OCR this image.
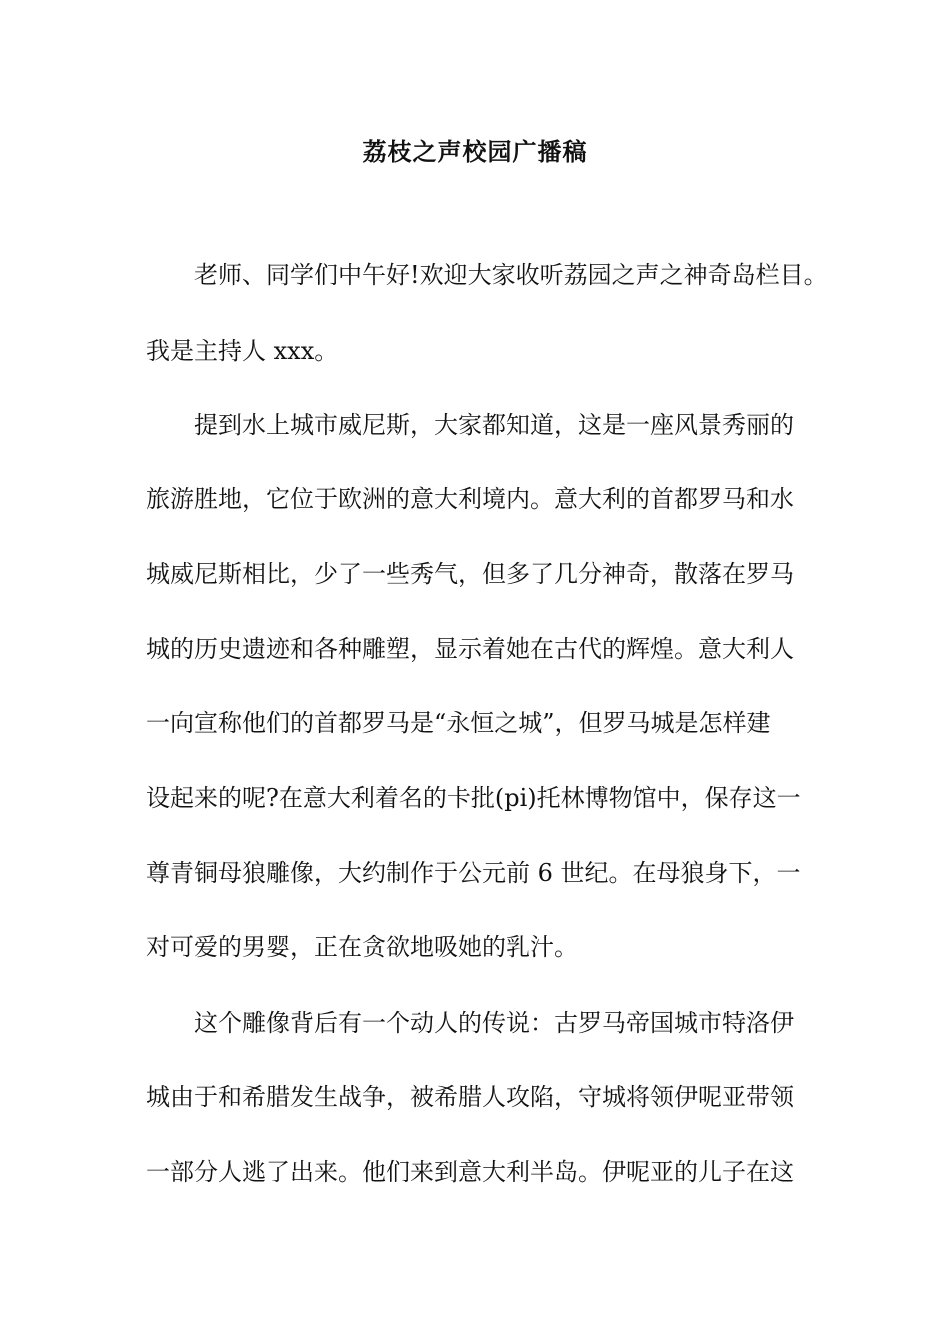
荔枝之声校园广播稿
老师、同学们中午好!欢迎大家收听荔园之声之神奇岛栏目。
我是主持人 xxx。
提到水上城市威尼斯，大家都知道，这是一座风景秀丽的
旅游胜地，它位于欧洲的意大利境内。意大利的首都罗马和水
城威尼斯相比，少了一些秀气，但多了几分神奇，散落在罗马
城的历史遗迹和各种雕塑，显示着她在古代的辉煌。意大利人
一向宣称他们的首都罗马是“永恒之城”，但罗马城是怎样建
设起来的呢?在意大利着名的卡批(pi)托林博物馆中，保存这一
尊青铜母狼雕像，大约制作于公元前 6 世纪。在母狼身下，一
对可爱的男婴，正在贪欲地吸她的乳汁。
这个雕像背后有一个动人的传说：古罗马帝国城市特洛伊
城由于和希腊发生战争，被希腊人攻陷，守城将领伊呢亚带领
一部分人逃了出来。他们来到意大利半岛。伊呢亚的儿子在这
